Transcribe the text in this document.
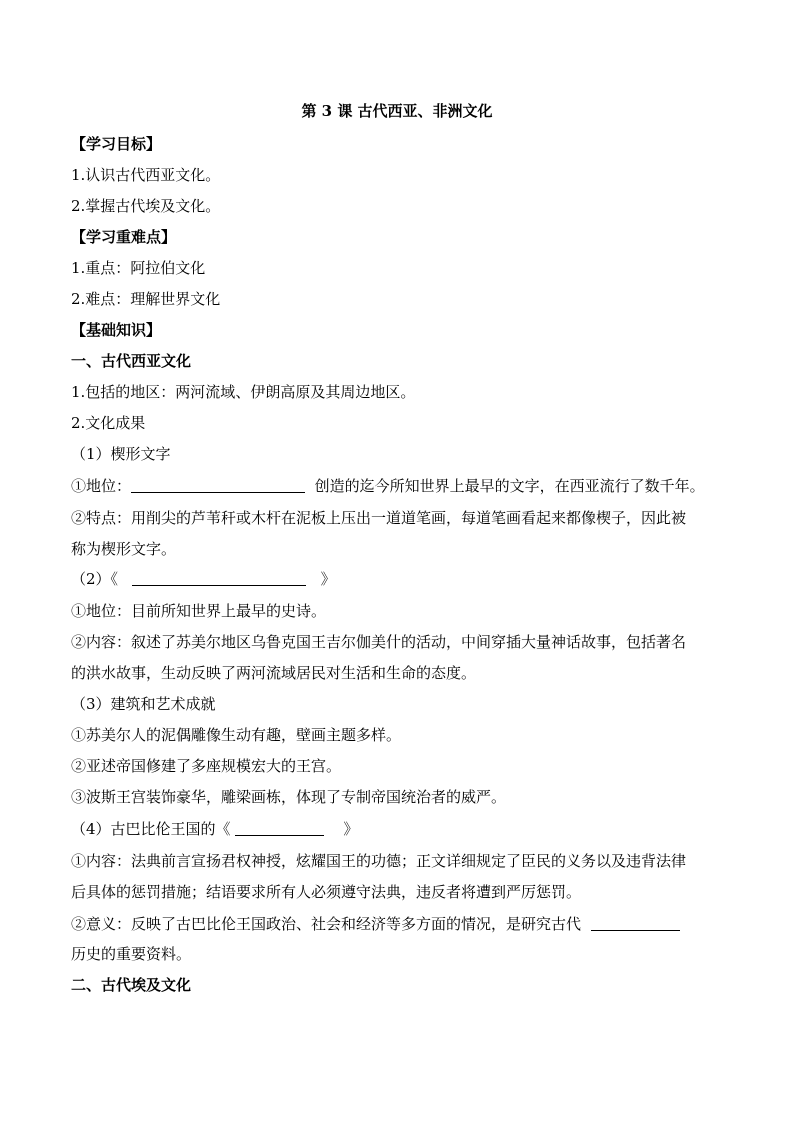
第 3 课 古代西亚、非洲文化
【学习目标】
1.认识古代西亚文化。
2.掌握古代埃及文化。
【学习重难点】
1.重点：阿拉伯文化
2.难点：理解世界文化
【基础知识】
一、古代西亚文化
1.包括的地区：两河流域、伊朗高原及其周边地区。
2.文化成果
（1）楔形文字
①地位：	创造的迄今所知世界上最早的文字，在西亚流行了数千年。
②特点：用削尖的芦苇秆或木杆在泥板上压出一道道笔画，每道笔画看起来都像楔子，因此被
称为楔形文字。
（2）《	》
①地位：目前所知世界上最早的史诗。
②内容：叙述了苏美尔地区乌鲁克国王吉尔伽美什的活动，中间穿插大量神话故事，包括著名
的洪水故事，生动反映了两河流域居民对生活和生命的态度。
（3）建筑和艺术成就
①苏美尔人的泥偶雕像生动有趣，壁画主题多样。
②亚述帝国修建了多座规模宏大的王宫。
③波斯王宫装饰豪华，雕梁画栋，体现了专制帝国统治者的威严。
（4）古巴比伦王国的《	》
①内容：法典前言宣扬君权神授，炫耀国王的功德；正文详细规定了臣民的义务以及违背法律
后具体的惩罚措施；结语要求所有人必须遵守法典，违反者将遭到严厉惩罚。
②意义：反映了古巴比伦王国政治、社会和经济等多方面的情况，是研究古代
历史的重要资料。
二、古代埃及文化
